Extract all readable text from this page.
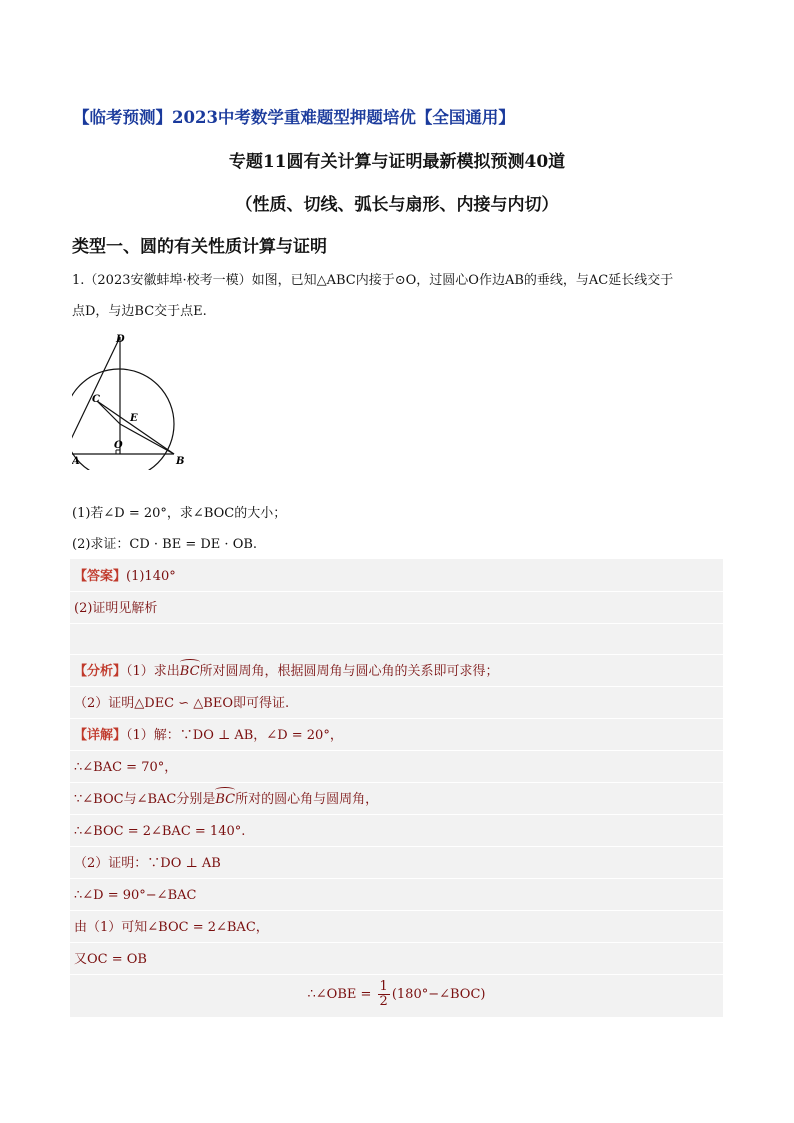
【临考预测】2023中考数学重难题型押题培优【全国通用】
专题11圆有关计算与证明最新模拟预测40道
（性质、切线、弧长与扇形、内接与内切）
类型一、圆的有关性质计算与证明
1.（2023安徽蚌埠·校考一模）如图，已知△ABC内接于⊙O，过圆心O作边AB的垂线，与AC延长线交于
点D，与边BC交于点E.
D
C
E
O
A	B
(1)若∠D = 20°，求∠BOC的大小；
(2)求证：CD · BE = DE · OB.
【答案】(1)140°
(2)证明见解析
【分析】（1）求出BC所对圆周角，根据圆周角与圆心角的关系即可求得；
（2）证明△DEC ∽ △BEO即可得证.
【详解】（1）解：∵DO ⊥ AB，∠D = 20°，
∴∠BAC = 70°，
∵∠BOC与∠BAC分别是BC所对的圆心角与圆周角，
∴∠BOC = 2∠BAC = 140°.
（2）证明：∵DO ⊥ AB
∴∠D = 90°−∠BAC
由（1）可知∠BOC = 2∠BAC，
又OC = OB
∴∠OBE = $\frac{1}{2}$ (180°−∠BOC)
